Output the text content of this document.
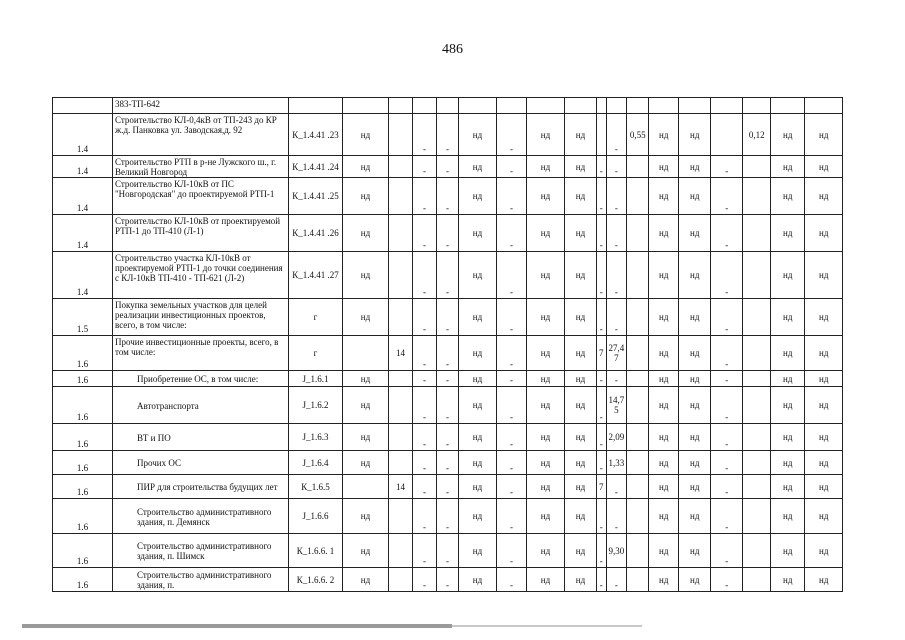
486
	383-ТП-642																		
1.4	Строительство КЛ-0,4кВ от ТП-243 до КР ж.д. Панковка ул. Заводская,д. 92	К_1.4.41 .23	нд		-	-	нд	-	нд	нд		-	0,55	нд	нд		0,12	нд	нд
1.4	Строительство РТП в р-не Лужского ш., г. Великий Новгород	К_1.4.41 .24	нд		-	-	нд	-	нд	нд	-	-		нд	нд	-		нд	нд
1.4	Строительство КЛ-10кВ от ПС "Новгородская" до проектируемой РТП-1	К_1.4.41 .25	нд		-	-	нд	-	нд	нд	-	-		нд	нд	-		нд	нд
1.4	Строительство КЛ-10кВ от проектируемой РТП-1 до ТП-410 (Л-1)	К_1.4.41 .26	нд		-	-	нд	-	нд	нд	-	-		нд	нд	-		нд	нд
1.4	Строительство участка КЛ-10кВ от проектируемой РТП-1 до точки соединения с КЛ-10кВ ТП-410 - ТП-621 (Л-2)	К_1.4.41 .27	нд		-	-	нд	-	нд	нд	-	-		нд	нд	-		нд	нд
1.5	Покупка земельных участков для целей реализации инвестиционных проектов, всего, в том числе:	г	нд		-	-	нд	-	нд	нд	-	-		нд	нд	-		нд	нд
1.6	Прочие инвестиционные проекты, всего, в том числе:	г		14	-	-	нд	-	нд	нд	7	27,4 7		нд	нд	-		нд	нд
1.6	Приобретение ОС, в том числе:	J_1.6.1	нд		-	-	нд	-	нд	нд	-	-		нд	нд	-		нд	нд
1.6	Автотранспорта	J_1.6.2	нд		-	-	нд	-	нд	нд	-	14,7 5		нд	нд	-		нд	нд
1.6	ВТ и ПО	J_1.6.3	нд		-	-	нд	-	нд	нд	-	2,09		нд	нд	-		нд	нд
1.6	Прочих ОС	J_1.6.4	нд		-	-	нд	-	нд	нд	-	1,33		нд	нд	-		нд	нд
1.6	ПИР для строительства будущих лет	К_1.6.5		14	-	-	нд	-	нд	нд	7	-		нд	нд	-		нд	нд
1.6	Строительство административного здания, п. Демянск	J_1.6.6	нд		-	-	нд	-	нд	нд	-	-		нд	нд	-		нд	нд
1.6	Строительство административного здания, п. Шимск	К_1.6.6. 1	нд		-	-	нд	-	нд	нд	-	9,30		нд	нд	-		нд	нд
1.6	Строительство административного здания, п.	К_1.6.6. 2	нд		-	-	нд	-	нд	нд	-	-		нд	нд	-		нд	нд
